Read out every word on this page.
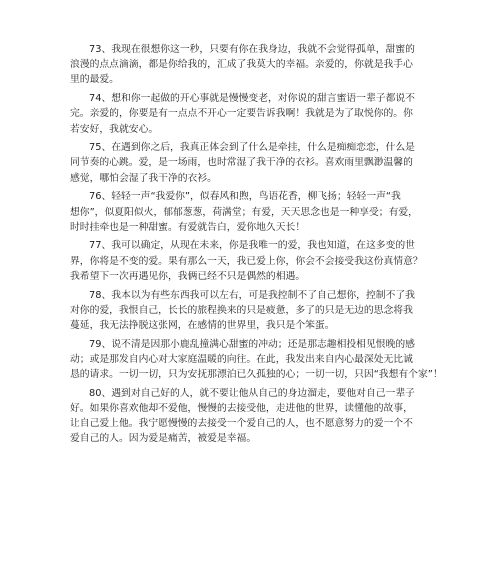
73、我现在很想你这一秒，只要有你在我身边，我就不会觉得孤单，甜蜜的
浪漫的点点滴滴，都是你给我的，汇成了我莫大的幸福。亲爱的，你就是我手心
里的最爱。

74、想和你一起做的开心事就是慢慢变老，对你说的甜言蜜语一辈子都说不
完。亲爱的，你要是有一点点不开心一定要告诉我啊！我就是为了取悦你的。你
若安好，我就安心。

75、在遇到你之后，我真正体会到了什么是牵挂，什么是痴痴恋恋，什么是
同节奏的心跳。爱，是一场雨，也时常湿了我干净的衣衫。喜欢雨里飘渺温馨的
感觉，哪怕会湿了我干净的衣衫。

76、轻轻一声“我爱你”，似春风和煦，鸟语花香，柳飞扬；轻轻一声“我
想你”，似夏阳似火，郁郁葱葱，荷满堂；有爱，天天思念也是一种享受；有爱，
时时挂牵也是一种甜蜜。有爱就告白，爱你地久天长！

77、我可以确定，从现在未来，你是我唯一的爱，我也知道，在这多变的世
界，你将是不变的爱。果有那么一天，我已爱上你，你会不会接受我这份真情意？
我希望下一次再遇见你，我俩已经不只是偶然的相遇。

78、我本以为有些东西我可以左右，可是我控制不了自己想你，控制不了我
对你的爱，我恨自己，长长的旅程换来的只是疲惫，多了的只是无边的思念将我
蔓延，我无法挣脱这张网，在感情的世界里，我只是个笨蛋。

79、说不清是因那小鹿乱撞满心甜蜜的冲动；还是那志趣相投相见恨晚的感
动；或是那发自内心对大家庭温暖的向往。在此，我发出来自内心最深处无比诚
恳的请求。一切一切，只为安抚那漂泊已久孤独的心；一切一切，只因“我想有个家”！

80、遇到对自己好的人，就不要让他从自己的身边溜走，要他对自己一辈子
好。如果你喜欢他却不爱他，慢慢的去接受他，走进他的世界，读懂他的故事，
让自己爱上他。我宁愿慢慢的去接受一个爱自己的人，也不愿意努力的爱一个不
爱自己的人。因为爱是痛苦，被爱是幸福。
